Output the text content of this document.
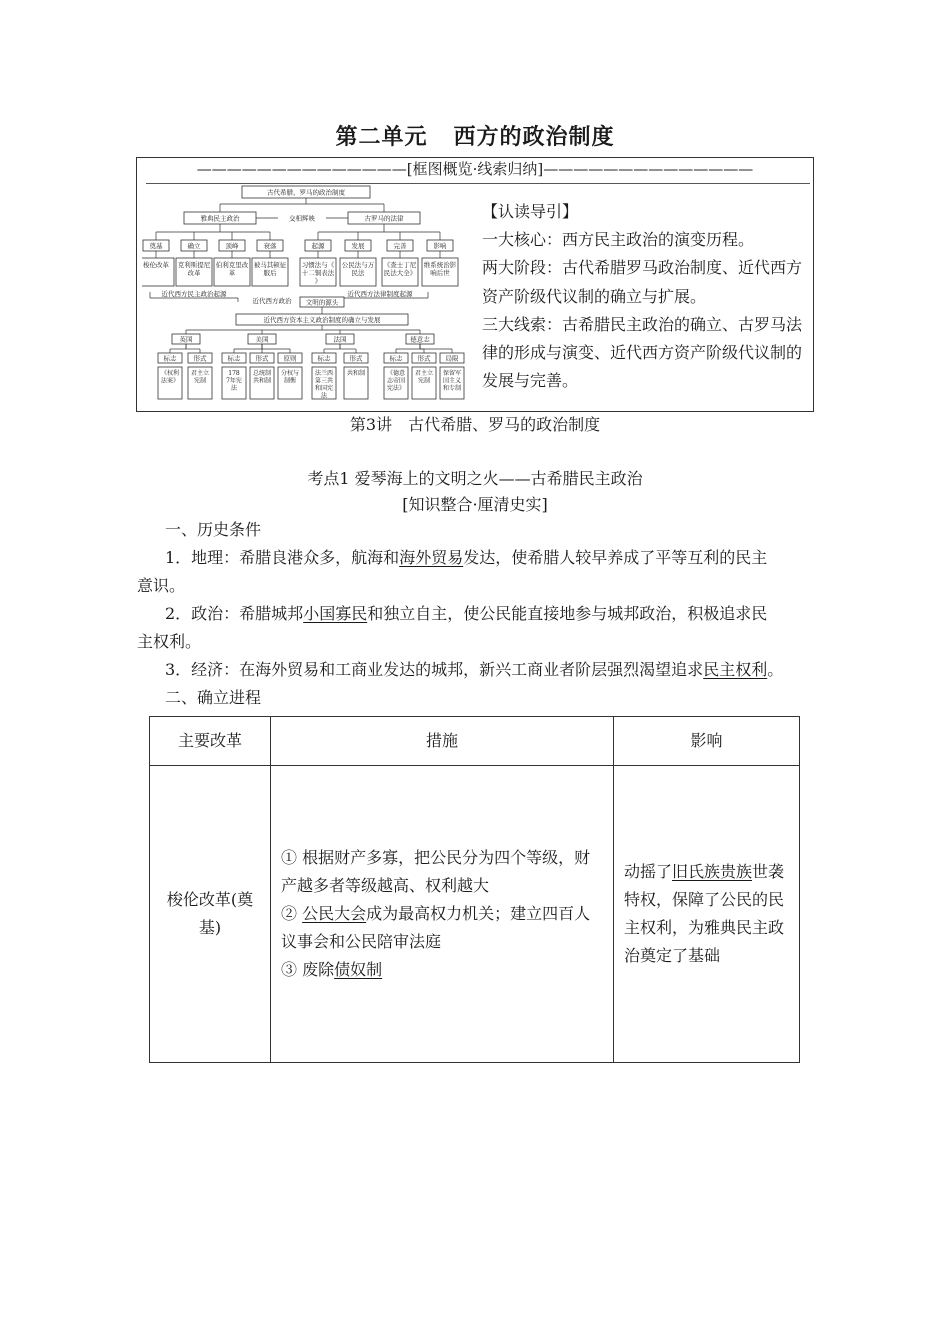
第二单元 西方的政治制度
——————————————[框图概览·线索归纳]——————————————
古代希腊、罗马的政治制度
雅典民主政治	交相辉映	古罗马的法律
奠基
梭伦改革
确立
克利斯提尼
改革
顶峰
伯利克里改
革
衰落
被马其顿征
服后
起源
习惯法与《
十二铜表法
》
发展
公民法与万
民法
完善
《查士丁尼
民法大全》
影响
维系统治影
响后世
近代西方民主政治起源	近代西方法律制度起源
近代西方政治 文明的源头
近代西方资本主义政治制度的确立与发展
英国	美国	法国	德意志
标志	形式	标志 形式 原则	标志	形式	标志 形式 局限
《权利
法案》
君主立
宪制
178
7年宪
法
总统制
共和制
分权与
制衡
法兰西
第三共
和国宪
法
共和制	《德意
志帝国
宪法》
君主立
宪制
保留军
国主义
和专制

【认读导引】

一大核心：西方民主政治的演变历程。

两大阶段：古代希腊罗马政治制度、近代西方资产阶级代议制的确立与扩展。

三大线索：古希腊民主政治的确立、古罗马法律的形成与演变、近代西方资产阶级代议制的发展与完善。

第3讲　古代希腊、罗马的政治制度
考点1 爱琴海上的文明之火——古希腊民主政治
[知识整合·厘清史实]
一、历史条件
1．地理：希腊良港众多，航海和海外贸易发达，使希腊人较早养成了平等互利的民主
意识。
2．政治：希腊城邦小国寡民和独立自主，使公民能直接地参与城邦政治，积极追求民
主权利。
3．经济：在海外贸易和工商业发达的城邦，新兴工商业者阶层强烈渴望追求民主权利。
二、确立进程
主要改革	措施	影响
梭伦改革(奠基)	① 根据财产多寡，把公民分为四个等级，财产越多者等级越高、权利越大
② 公民大会成为最高权力机关；建立四百人议事会和公民陪审法庭
③ 废除债奴制	动摇了旧氏族贵族世袭特权，保障了公民的民主权利，为雅典民主政治奠定了基础
